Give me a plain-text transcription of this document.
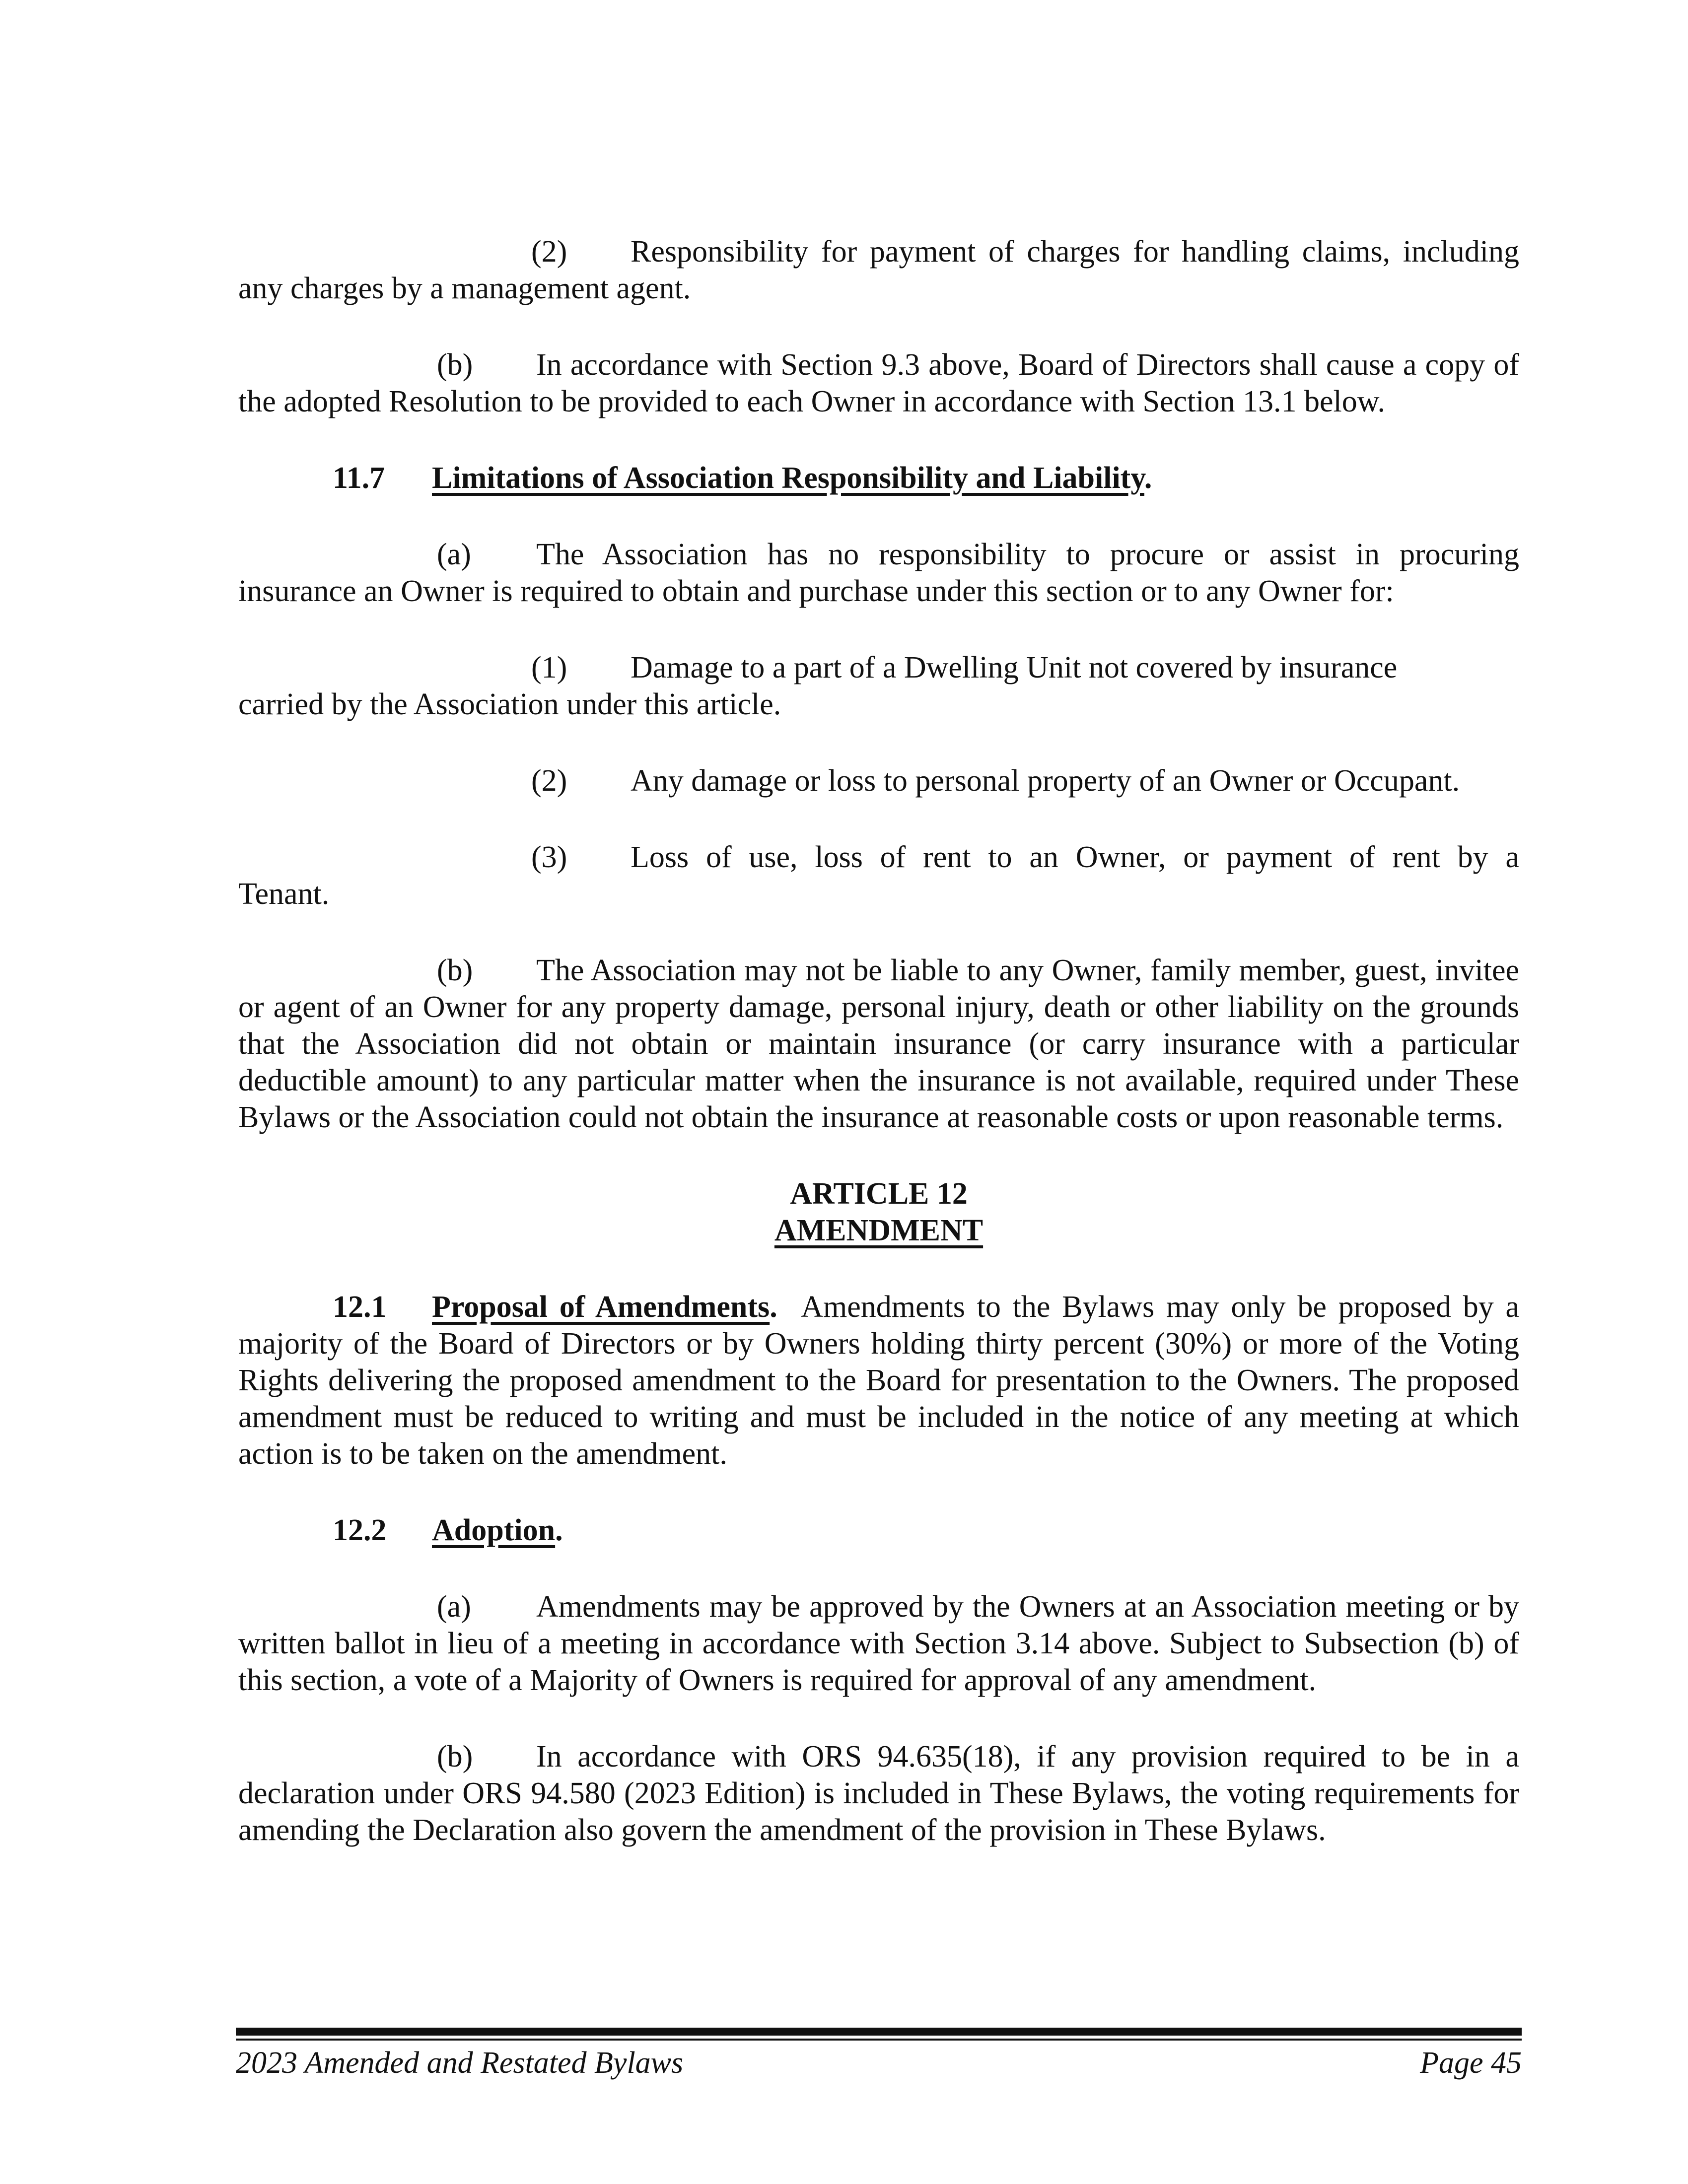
(2) Responsibility for payment of charges for handling claims, including any charges by a management agent.

(b) In accordance with Section 9.3 above, Board of Directors shall cause a copy of the adopted Resolution to be provided to each Owner in accordance with Section 13.1 below.

11.7 Limitations of Association Responsibility and Liability.

(a) The Association has no responsibility to procure or assist in procuring insurance an Owner is required to obtain and purchase under this section or to any Owner for:

(1)	Damage to a part of a Dwelling Unit not covered by insurance

carried by the Association under this article.

(2)	Any damage or loss to personal property of an Owner or Occupant.
(3)	Loss of use, loss of rent to an Owner, or payment of rent by a
Tenant.

(b) The Association may not be liable to any Owner, family member, guest, invitee or agent of an Owner for any property damage, personal injury, death or other liability on the grounds that the Association did not obtain or maintain insurance (or carry insurance with a particular deductible amount) to any particular matter when the insurance is not available, required under These Bylaws or the Association could not obtain the insurance at reasonable costs or upon reasonable terms.

ARTICLE 12

AMENDMENT

12.1 Proposal of Amendments. Amendments to the Bylaws may only be proposed by a majority of the Board of Directors or by Owners holding thirty percent (30%) or more of the Voting Rights delivering the proposed amendment to the Board for presentation to the Owners. The proposed amendment must be reduced to writing and must be included in the notice of any meeting at which action is to be taken on the amendment.

12.2 Adoption.

(a) Amendments may be approved by the Owners at an Association meeting or by written ballot in lieu of a meeting in accordance with Section 3.14 above. Subject to Subsection (b) of this section, a vote of a Majority of Owners is required for approval of any amendment.

(b) In accordance with ORS 94.635(18), if any provision required to be in a declaration under ORS 94.580 (2023 Edition) is included in These Bylaws, the voting requirements for amending the Declaration also govern the amendment of the provision in These Bylaws.

2023 Amended and Restated Bylaws	Page 45
